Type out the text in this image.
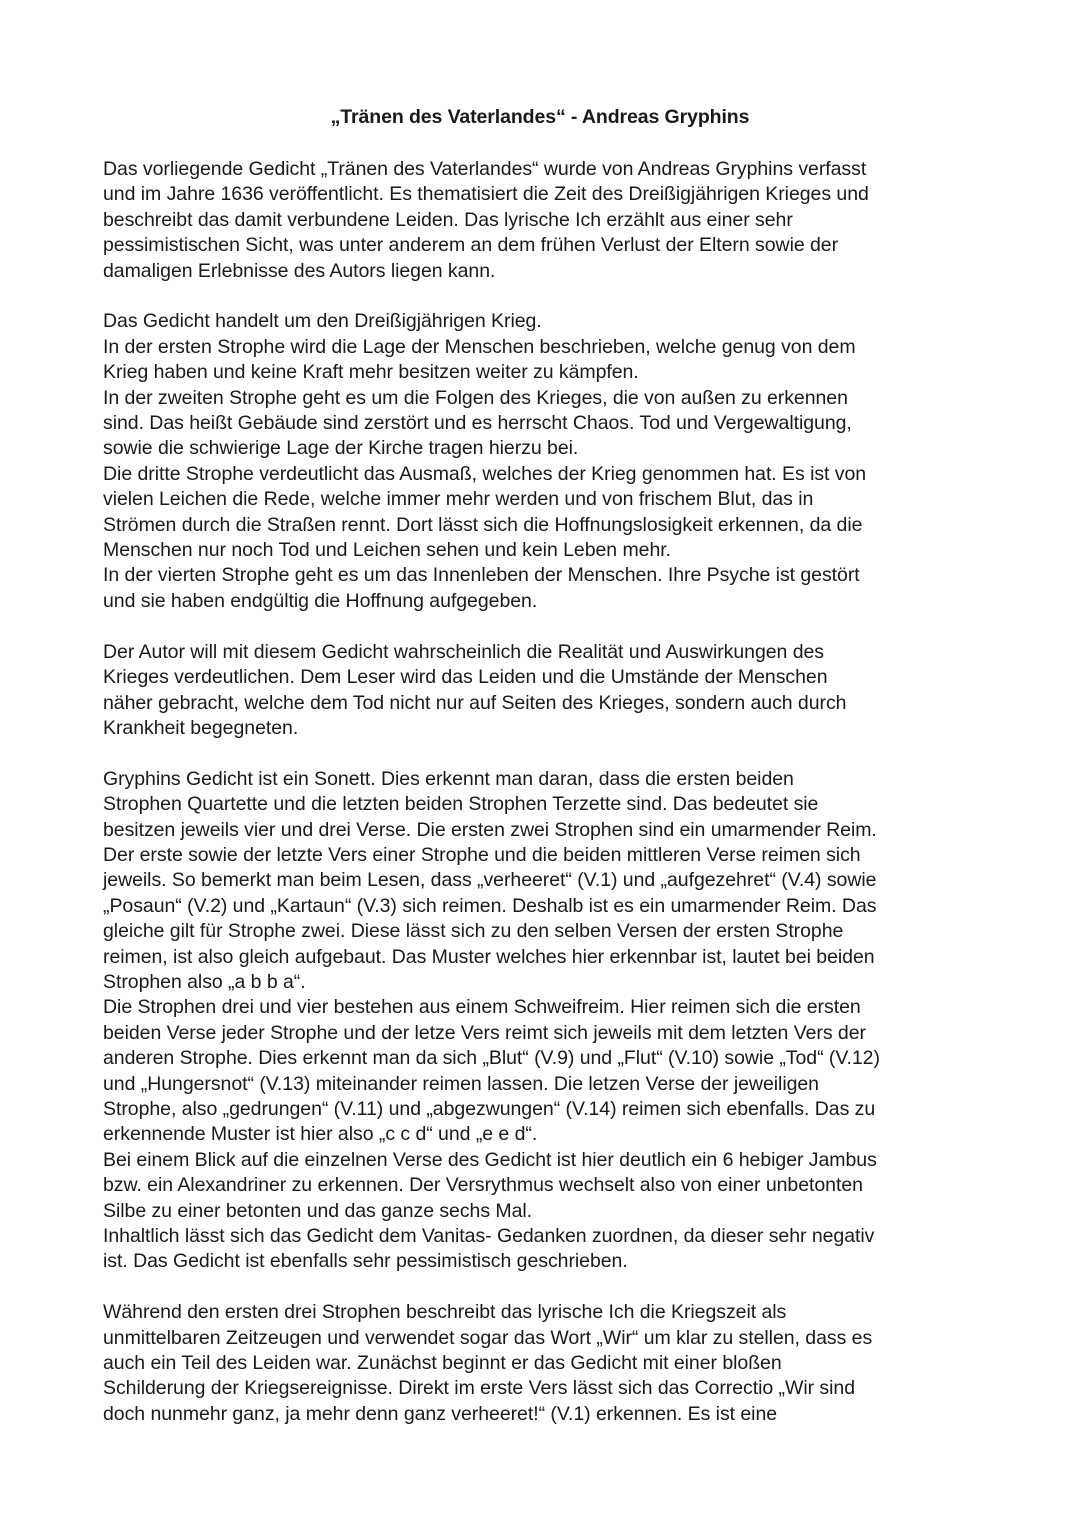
„Tränen des Vaterlandes“ - Andreas Gryphins
Das vorliegende Gedicht „Tränen des Vaterlandes“ wurde von Andreas Gryphins verfasst
und im Jahre 1636 veröffentlicht. Es thematisiert die Zeit des Dreißigjährigen Krieges und
beschreibt das damit verbundene Leiden. Das lyrische Ich erzählt aus einer sehr
pessimistischen Sicht, was unter anderem an dem frühen Verlust der Eltern sowie der
damaligen Erlebnisse des Autors liegen kann.
Das Gedicht handelt um den Dreißigjährigen Krieg.
In der ersten Strophe wird die Lage der Menschen beschrieben, welche genug von dem
Krieg haben und keine Kraft mehr besitzen weiter zu kämpfen.
In der zweiten Strophe geht es um die Folgen des Krieges, die von außen zu erkennen
sind. Das heißt Gebäude sind zerstört und es herrscht Chaos. Tod und Vergewaltigung,
sowie die schwierige Lage der Kirche tragen hierzu bei.
Die dritte Strophe verdeutlicht das Ausmaß, welches der Krieg genommen hat. Es ist von
vielen Leichen die Rede, welche immer mehr werden und von frischem Blut, das in
Strömen durch die Straßen rennt. Dort lässt sich die Hoffnungslosigkeit erkennen, da die
Menschen nur noch Tod und Leichen sehen und kein Leben mehr.
In der vierten Strophe geht es um das Innenleben der Menschen. Ihre Psyche ist gestört
und sie haben endgültig die Hoffnung aufgegeben.
Der Autor will mit diesem Gedicht wahrscheinlich die Realität und Auswirkungen des
Krieges verdeutlichen. Dem Leser wird das Leiden und die Umstände der Menschen
näher gebracht, welche dem Tod nicht nur auf Seiten des Krieges, sondern auch durch
Krankheit begegneten.
Gryphins Gedicht ist ein Sonett. Dies erkennt man daran, dass die ersten beiden
Strophen Quartette und die letzten beiden Strophen Terzette sind. Das bedeutet sie
besitzen jeweils vier und drei Verse. Die ersten zwei Strophen sind ein umarmender Reim.
Der erste sowie der letzte Vers einer Strophe und die beiden mittleren Verse reimen sich
jeweils. So bemerkt man beim Lesen, dass „verheeret“ (V.1) und „aufgezehret“ (V.4) sowie
„Posaun“ (V.2) und „Kartaun“ (V.3) sich reimen. Deshalb ist es ein umarmender Reim. Das
gleiche gilt für Strophe zwei. Diese lässt sich zu den selben Versen der ersten Strophe
reimen, ist also gleich aufgebaut. Das Muster welches hier erkennbar ist, lautet bei beiden
Strophen also „a b b a“.
Die Strophen drei und vier bestehen aus einem Schweifreim. Hier reimen sich die ersten
beiden Verse jeder Strophe und der letze Vers reimt sich jeweils mit dem letzten Vers der
anderen Strophe. Dies erkennt man da sich „Blut“ (V.9) und „Flut“ (V.10) sowie „Tod“ (V.12)
und „Hungersnot“ (V.13) miteinander reimen lassen. Die letzen Verse der jeweiligen
Strophe, also „gedrungen“ (V.11) und „abgezwungen“ (V.14) reimen sich ebenfalls. Das zu
erkennende Muster ist hier also „c c d“ und „e e d“.
Bei einem Blick auf die einzelnen Verse des Gedicht ist hier deutlich ein 6 hebiger Jambus
bzw. ein Alexandriner zu erkennen. Der Versrythmus wechselt also von einer unbetonten
Silbe zu einer betonten und das ganze sechs Mal.
Inhaltlich lässt sich das Gedicht dem Vanitas- Gedanken zuordnen, da dieser sehr negativ
ist. Das Gedicht ist ebenfalls sehr pessimistisch geschrieben.
Während den ersten drei Strophen beschreibt das lyrische Ich die Kriegszeit als
unmittelbaren Zeitzeugen und verwendet sogar das Wort „Wir“ um klar zu stellen, dass es
auch ein Teil des Leiden war. Zunächst beginnt er das Gedicht mit einer bloßen
Schilderung der Kriegsereignisse. Direkt im erste Vers lässt sich das Correctio „Wir sind
doch nunmehr ganz, ja mehr denn ganz verheeret!“ (V.1) erkennen. Es ist eine
